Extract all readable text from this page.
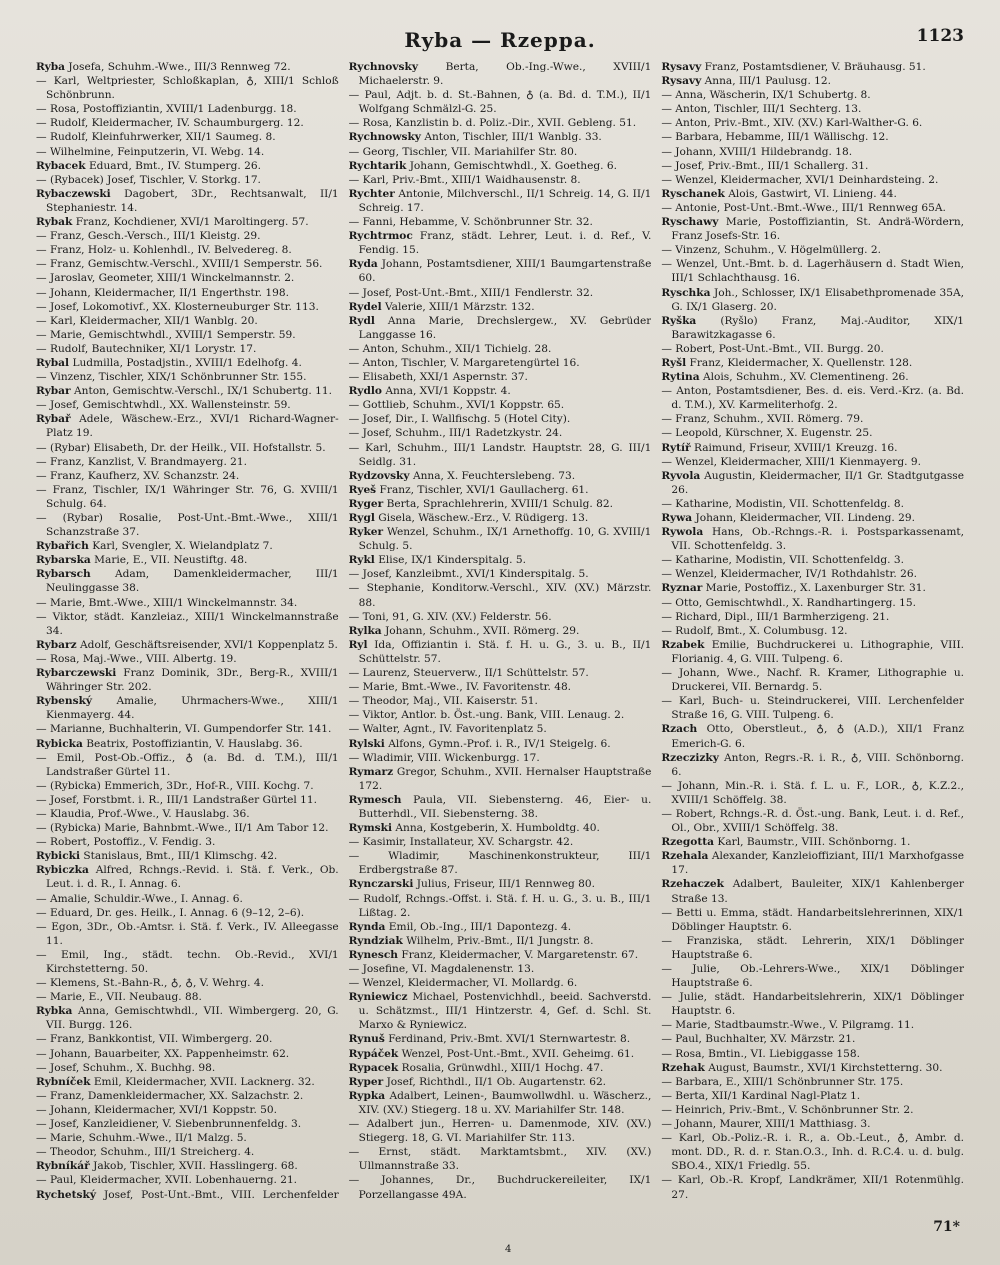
Ryba — Rzeppa.	1123

Ryba Josefa, Schuhm.-Wwe., III/3 Rennweg 72.

— Karl, Weltpriester, Schloßkaplan, ♁, XIII/1 Schloß Schönbrunn.

— Rosa, Postoffiziantin, XVIII/1 Ladenburgg. 18.

— Rudolf, Kleidermacher, IV. Schaumburgerg. 12.

— Rudolf, Kleinfuhrwerker, XII/1 Saumeg. 8.

— Wilhelmine, Feinputzerin, VI. Webg. 14.

Rybacek Eduard, Bmt., IV. Stumperg. 26.

— (Rybacek) Josef, Tischler, V. Storkg. 17.

Rybaczewski Dagobert, 3Dr., Rechtsanwalt, II/1 Stephaniestr. 14.

Rybak Franz, Kochdiener, XVI/1 Maroltingerg. 57.

— Franz, Gesch.-Versch., III/1 Kleistg. 29.

— Franz, Holz- u. Kohlenhdl., IV. Belvedereg. 8.

— Franz, Gemischtw.-Verschl., XVIII/1 Semperstr. 56.

— Jaroslav, Geometer, XIII/1 Winckelmannstr. 2.

— Johann, Kleidermacher, II/1 Engerthstr. 198.

— Josef, Lokomotivf., XX. Klosterneuburger Str. 113.

— Karl, Kleidermacher, XII/1 Wanblg. 20.

— Marie, Gemischtwhdl., XVIII/1 Semperstr. 59.

— Rudolf, Bautechniker, XI/1 Lorystr. 17.

Rybal Ludmilla, Postadjstin., XVIII/1 Edelhofg. 4.

— Vinzenz, Tischler, XIX/1 Schönbrunner Str. 155.

Rybar Anton, Gemischtw.-Verschl., IX/1 Schubertg. 11.

— Josef, Gemischtwhdl., XX. Wallensteinstr. 59.

Rybař Adele, Wäschew.-Erz., XVI/1 Richard-Wagner-Platz 19.

— (Rybar) Elisabeth, Dr. der Heilk., VII. Hofstallstr. 5.

— Franz, Kanzlist, V. Brandmayerg. 21.

— Franz, Kaufherz, XV. Schanzstr. 24.

— Franz, Tischler, IX/1 Währinger Str. 76, G. XVIII/1 Schulg. 64.

— (Rybar) Rosalie, Post-Unt.-Bmt.-Wwe., XIII/1 Schanzstraße 37.

Rybařich Karl, Svengler, X. Wielandplatz 7.

Rybarska Marie, E., VII. Neustiftg. 48.

Rybarsch Adam, Damenkleidermacher, III/1 Neulinggasse 38.

— Marie, Bmt.-Wwe., XIII/1 Winckelmannstr. 34.

— Viktor, städt. Kanzleiaz., XIII/1 Winckelmannstraße 34.

Rybarz Adolf, Geschäftsreisender, XVI/1 Koppenplatz 5.

— Rosa, Maj.-Wwe., VIII. Albertg. 19.

Rybarczewski Franz Dominik, 3Dr., Berg-R., XVIII/1 Währinger Str. 202.

Rybenský Amalie, Uhrmachers-Wwe., XIII/1 Kienmayerg. 44.

— Marianne, Buchhalterin, VI. Gumpendorfer Str. 141.

Rybicka Beatrix, Postoffiziantin, V. Hauslabg. 36.

— Emil, Post-Ob.-Offiz., ♁ (a. Bd. d. T.M.), III/1 Landstraßer Gürtel 11.

— (Rybicka) Emmerich, 3Dr., Hof-R., VIII. Kochg. 7.

— Josef, Forstbmt. i. R., III/1 Landstraßer Gürtel 11.

— Klaudia, Prof.-Wwe., V. Hauslabg. 36.

— (Rybicka) Marie, Bahnbmt.-Wwe., II/1 Am Tabor 12.

— Robert, Postoffiz., V. Fendig. 3.

Rybicki Stanislaus, Bmt., III/1 Klimschg. 42.

Rybiczka Alfred, Rchngs.-Revid. i. Stä. f. Verk., Ob. Leut. i. d. R., I. Annag. 6.

— Amalie, Schuldir.-Wwe., I. Annag. 6.

— Eduard, Dr. ges. Heilk., I. Annag. 6 (9–12, 2–6).

— Egon, 3Dr., Ob.-Amtsr. i. Stä. f. Verk., IV. Alleegasse 11.

— Emil, Ing., städt. techn. Ob.-Revid., XVI/1 Kirchstetterng. 50.

— Klemens, St.-Bahn-R., ♁, ♁, V. Wehrg. 4.

— Marie, E., VII. Neubaug. 88.

Rybka Anna, Gemischtwhdl., VII. Wimbergerg. 20, G. VII. Burgg. 126.

— Franz, Bankkontist, VII. Wimbergerg. 20.

— Johann, Bauarbeiter, XX. Pappenheimstr. 62.

— Josef, Schuhm., X. Buchhg. 98.

Rybníček Emil, Kleidermacher, XVII. Lacknerg. 32.

— Franz, Damenkleidermacher, XX. Salzachstr. 2.

— Johann, Kleidermacher, XVI/1 Koppstr. 50.

— Josef, Kanzleidiener, V. Siebenbrunnenfeldg. 3.

— Marie, Schuhm.-Wwe., II/1 Malzg. 5.

— Theodor, Schuhm., III/1 Streicherg. 4.

Rybníkář Jakob, Tischler, XVII. Hasslingerg. 68.

— Paul, Kleidermacher, XVII. Lobenhauerng. 21.

Rychetský Josef, Post-Unt.-Bmt., VIII. Lerchenfelder

Rychnovsky	Berta, Ob.-Ing.-Wwe., XVIII/1 Michaelerstr. 9.

— Paul, Adjt. b. d. St.-Bahnen, ♁ (a. Bd. d. T.M.), II/1 Wolfgang Schmälzl-G. 25.

— Rosa, Kanzlistin b. d. Poliz.-Dir., XVII. Gebleng. 51.

Rychnowsky Anton, Tischler, III/1 Wanblg. 33.

— Georg, Tischler, VII. Mariahilfer Str. 80.

Rychtarik Johann, Gemischtwhdl., X. Goetheg. 6.

— Karl, Priv.-Bmt., XIII/1 Waidhausenstr. 8.

Rychter Antonie, Milchverschl., II/1 Schreig. 14, G. II/1 Schreig. 17.

— Fanni, Hebamme, V. Schönbrunner Str. 32.

Rychtrmoc Franz, städt. Lehrer, Leut. i. d. Ref., V. Fendig. 15.

Ryda Johann, Postamtsdiener, XIII/1 Baumgartenstraße 60.

— Josef, Post-Unt.-Bmt., XIII/1 Fendlerstr. 32.

Rydel Valerie, XIII/1 Märzstr. 132.

Rydl Anna Marie, Drechslergew., XV. Gebrüder Langgasse 16.

— Anton, Schuhm., XII/1 Tichielg. 28.

— Anton, Tischler, V. Margaretengürtel 16.

— Elisabeth, XXI/1 Aspernstr. 37.

Rydlo Anna, XVI/1 Koppstr. 4.

— Gottlieb, Schuhm., XVI/1 Koppstr. 65.

— Josef, Dir., I. Wallfischg. 5 (Hotel City).

— Josef, Schuhm., III/1 Radetzkystr. 24.

— Karl, Schuhm., III/1 Landstr. Hauptstr. 28, G. III/1 Seidlg. 31.

Rydzovsky Anna, X. Feuchterslebeng. 73.

Ryeš Franz, Tischler, XVI/1 Gaullacherg. 61.

Ryger Berta, Sprachlehrerin, XVIII/1 Schulg. 82.

Rygl Gisela, Wäschew.-Erz., V. Rüdigerg. 13.

Ryker Wenzel, Schuhm., IX/1 Arnethoffg. 10, G. XVIII/1 Schulg. 5.

Rykl Elise, IX/1 Kinderspitalg. 5.

— Josef, Kanzleibmt., XVI/1 Kinderspitalg. 5.

— Stephanie, Konditorw.-Verschl., XIV. (XV.) Märzstr. 88.

— Toni, 91, G. XIV. (XV.) Felderstr. 56.

Rylka Johann, Schuhm., XVII. Römerg. 29.

Ryl Ida, Offiziantin i. Stä. f. H. u. G., 3. u. B., II/1 Schüttelstr. 57.

— Laurenz, Steuerverw., II/1 Schüttelstr. 57.

— Marie, Bmt.-Wwe., IV. Favoritenstr. 48.

— Theodor, Maj., VII. Kaiserstr. 51.

— Viktor, Antlor. b. Öst.-ung. Bank, VIII. Lenaug. 2.

— Walter, Agnt., IV. Favoritenplatz 5.

Rylski Alfons, Gymn.-Prof. i. R., IV/1 Steigelg. 6.

— Wladimir, VIII. Wickenburgg. 17.

Rymarz Gregor, Schuhm., XVII. Hernalser Hauptstraße 172.

Rymesch Paula, VII. Siebensterng. 46, Eier- u. Butterhdl., VII. Siebensterng. 38.

Rymski Anna, Kostgeberin, X. Humboldtg. 40.

— Kasimir, Installateur, XV. Schargstr. 42.

— Wladimir,	Maschinenkonstrukteur, III/1 Erdbergstraße 87.

Rynczarski Julius, Friseur, III/1 Rennweg 80.

— Rudolf, Rchngs.-Offst. i. Stä. f. H. u. G., 3. u. B., III/1 Lißtag. 2.

Rynda Emil, Ob.-Ing., III/1 Dapontezg. 4.

Ryndziak Wilhelm, Priv.-Bmt., II/1 Jungstr. 8.

Rynesch Franz, Kleidermacher, V. Margaretenstr. 67.

— Josefine, VI. Magdalenenstr. 13.

— Wenzel, Kleidermacher, VI. Mollardg. 6.

Ryniewicz Michael, Postenvichhdl., beeid. Sachverstd. u. Schätzmst., III/1 Hintzerstr. 4, Gef. d. Schl. St. Marxo & Ryniewicz.

Rynuš Ferdinand, Priv.-Bmt. XVI/1 Sternwartestr. 8.

Rypáček Wenzel, Post-Unt.-Bmt., XVII. Geheimg. 61.

Rypacek Rosalia, Grünwdhl., XIII/1 Hochg. 47.

Ryper Josef, Richthdl., II/1 Ob. Augartenstr. 62.

Rypka Adalbert, Leinen-, Baumwollwdhl. u. Wäscherz., XIV. (XV.) Stiegerg. 18 u. XV. Mariahilfer Str. 148.

— Adalbert jun., Herren- u. Damenmode, XIV. (XV.) Stiegerg. 18, G. VI. Mariahilfer Str. 113.

— Ernst, städt. Marktamtsbmt., XIV. (XV.) Ullmannstraße 33.

— Johannes, Dr., Buchdruckereileiter, IX/1 Porzellangasse 49A.

Rysavy Franz, Postamtsdiener, V. Bräuhausg. 51.

Rysavy Anna, III/1 Paulusg. 12.

— Anna, Wäscherin, IX/1 Schubertg. 8.

— Anton, Tischler, III/1 Sechterg. 13.

— Anton, Priv.-Bmt., XIV. (XV.) Karl-Walther-G. 6.

— Barbara, Hebamme, III/1 Wällischg. 12.

— Johann, XVIII/1 Hildebrandg. 18.

— Josef, Priv.-Bmt., III/1 Schallerg. 31.

— Wenzel, Kleidermacher, XVI/1 Deinhardsteing. 2.

Ryschanek Alois, Gastwirt, VI. Linieng. 44.

— Antonie, Post-Unt.-Bmt.-Wwe., III/1 Rennweg 65A.

Ryschawy Marie, Postoffiziantin, St. Andrä-Wördern, Franz Josefs-Str. 16.

— Vinzenz, Schuhm., V. Högelmüllerg. 2.

— Wenzel, Unt.-Bmt. b. d. Lagerhäusern d. Stadt Wien, III/1 Schlachthausg. 16.

Ryschka Joh., Schlosser, IX/1 Elisabethpromenade 35A, G. IX/1 Glaserg. 20.

Ryška (Ryšlo) Franz, Maj.-Auditor, XIX/1 Barawitzkagasse 6.

— Robert, Post-Unt.-Bmt., VII. Burgg. 20.

Ryšl Franz, Kleidermacher, X. Quellenstr. 128.

Rytina Alois, Schuhm., XV. Clementineng. 26.

— Anton, Postamtsdiener, Bes. d. eis. Verd.-Krz. (a. Bd. d. T.M.), XV. Karmeliterhofg. 2.

— Franz, Schuhm., XVII. Römerg. 79.

— Leopold, Kürschner, X. Eugenstr. 25.

Rytíř Raimund, Friseur, XVIII/1 Kreuzg. 16.

— Wenzel, Kleidermacher, XIII/1 Kienmayerg. 9.

Ryvola Augustin, Kleidermacher, II/1 Gr. Stadtgutgasse 26.

— Katharine, Modistin, VII. Schottenfeldg. 8.

Rywa Johann, Kleidermacher, VII. Lindeng. 29.

Rywola Hans, Ob.-Rchngs.-R. i. Postsparkassenamt, VII. Schottenfeldg. 3.

— Katharine, Modistin, VII. Schottenfeldg. 3.

— Wenzel, Kleidermacher, IV/1 Rothdahlstr. 26.

Ryznar Marie, Postoffiz., X. Laxenburger Str. 31.

— Otto, Gemischtwhdl., X. Randhartingerg. 15.

— Richard, Dipl., III/1 Barmherzigeng. 21.

— Rudolf, Bmt., X. Columbusg. 12.

Rzabek Emilie, Buchdruckerei u. Lithographie, VIII. Florianig. 4, G. VIII. Tulpeng. 6.

— Johann, Wwe., Nachf. R. Kramer, Lithographie u. Druckerei, VII. Bernardg. 5.

— Karl, Buch- u. Steindruckerei, VIII. Lerchenfelder Straße 16, G. VIII. Tulpeng. 6.

Rzach Otto, Oberstleut., ♁, ♁ (A.D.), XII/1 Franz Emerich-G. 6.

Rzeczizky Anton, Regrs.-R. i. R., ♁, VIII. Schönborng. 6.

— Johann, Min.-R. i. Stä. f. L. u. F., LOR., ♁, K.Z.2., XVIII/1 Schöffelg. 38.

— Robert, Rchngs.-R. d. Öst.-ung. Bank, Leut. i. d. Ref., Ol., Obr., XVIII/1 Schöffelg. 38.

Rzegotta Karl, Baumstr., VIII. Schönborng. 1.

Rzehala Alexander, Kanzleioffiziant, III/1 Marxhofgasse 17.

Rzehaczek Adalbert, Bauleiter, XIX/1 Kahlenberger Straße 13.

— Betti u. Emma, städt. Handarbeitslehrerinnen, XIX/1 Döblinger Hauptstr. 6.

— Franziska, städt. Lehrerin, XIX/1 Döblinger Hauptstraße 6.

— Julie, Ob.-Lehrers-Wwe., XIX/1 Döblinger Hauptstraße 6.

— Julie, städt. Handarbeitslehrerin, XIX/1 Döblinger Hauptstr. 6.

— Marie, Stadtbaumstr.-Wwe., V. Pilgramg. 11.

— Paul, Buchhalter, XV. Märzstr. 21.

— Rosa, Bmtin., VI. Liebiggasse 158.

Rzehak August, Baumstr., XVI/1 Kirchstetterng. 30.

— Barbara, E., XIII/1 Schönbrunner Str. 175.

— Berta, XII/1 Kardinal Nagl-Platz 1.

— Heinrich, Priv.-Bmt., V. Schönbrunner Str. 2.

— Johann, Maurer, XIII/1 Matthiasg. 3.

— Karl, Ob.-Poliz.-R. i. R., a. Ob.-Leut., ♁, Ambr. d. mont. DD., R. d. r. Stan.O.3., Inh. d. R.C.4. u. d. bulg. SBO.4., XIX/1 Friedlg. 55.

— Karl, Ob.-R. Kropf, Landkrämer, XII/1 Rotenmühlg. 27.

71*
4
